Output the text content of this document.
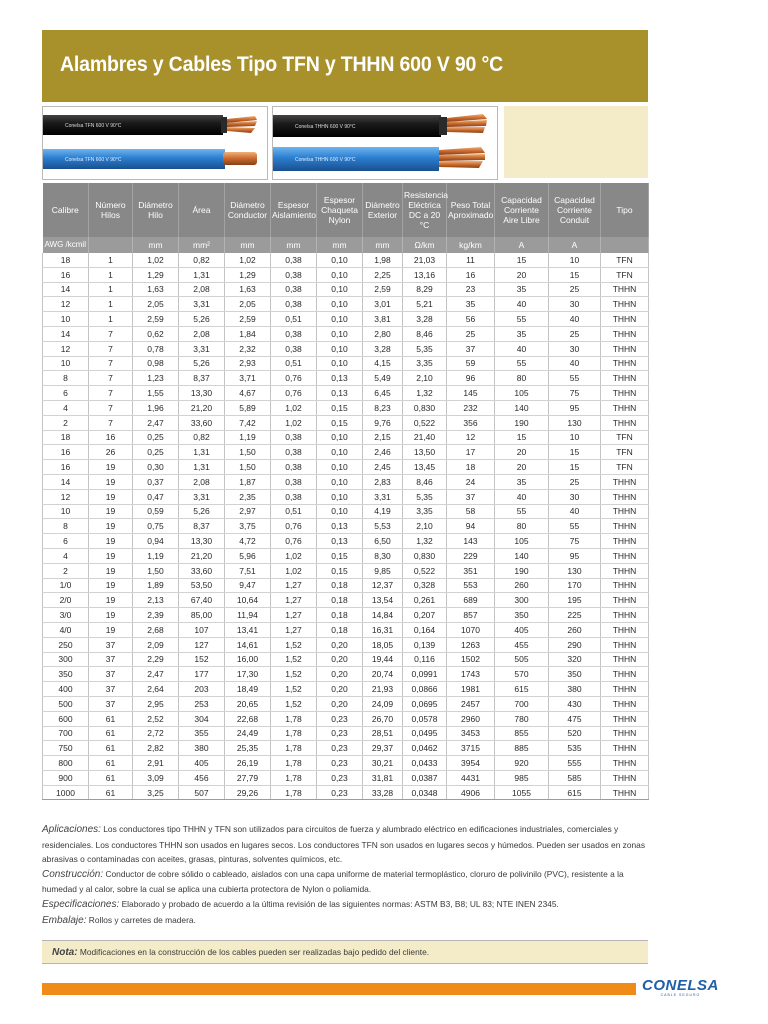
Alambres y Cables Tipo TFN y THHN 600 V 90 °C
Conelsa TFN 600 V 90°C
Conelsa TFN 600 V 90°C
Conelsa THHN 600 V 90°C
Conelsa THHN 600 V 90°C
Calibre	Número Hilos	Diámetro Hilo	Área	Diámetro Conductor	Espesor Aislamiento	Espesor Chaqueta Nylon	Diámetro Exterior	Resistencia Eléctrica DC a 20 °C	Peso Total Aproximado	Capacidad Corriente Aire Libre	Capacidad Corriente Conduit	Tipo
AWG /kcmil		mm	mm²	mm	mm	mm	mm	Ω/km	kg/km	A	A	
18	1	1,02	0,82	1,02	0,38	0,10	1,98	21,03	11	15	10	TFN
16	1	1,29	1,31	1,29	0,38	0,10	2,25	13,16	16	20	15	TFN
14	1	1,63	2,08	1,63	0,38	0,10	2,59	8,29	23	35	25	THHN
12	1	2,05	3,31	2,05	0,38	0,10	3,01	5,21	35	40	30	THHN
10	1	2,59	5,26	2,59	0,51	0,10	3,81	3,28	56	55	40	THHN
14	7	0,62	2,08	1,84	0,38	0,10	2,80	8,46	25	35	25	THHN
12	7	0,78	3,31	2,32	0,38	0,10	3,28	5,35	37	40	30	THHN
10	7	0,98	5,26	2,93	0,51	0,10	4,15	3,35	59	55	40	THHN
8	7	1,23	8,37	3,71	0,76	0,13	5,49	2,10	96	80	55	THHN
6	7	1,55	13,30	4,67	0,76	0,13	6,45	1,32	145	105	75	THHN
4	7	1,96	21,20	5,89	1,02	0,15	8,23	0,830	232	140	95	THHN
2	7	2,47	33,60	7,42	1,02	0,15	9,76	0,522	356	190	130	THHN
18	16	0,25	0,82	1,19	0,38	0,10	2,15	21,40	12	15	10	TFN
16	26	0,25	1,31	1,50	0,38	0,10	2,46	13,50	17	20	15	TFN
16	19	0,30	1,31	1,50	0,38	0,10	2,45	13,45	18	20	15	TFN
14	19	0,37	2,08	1,87	0,38	0,10	2,83	8,46	24	35	25	THHN
12	19	0,47	3,31	2,35	0,38	0,10	3,31	5,35	37	40	30	THHN
10	19	0,59	5,26	2,97	0,51	0,10	4,19	3,35	58	55	40	THHN
8	19	0,75	8,37	3,75	0,76	0,13	5,53	2,10	94	80	55	THHN
6	19	0,94	13,30	4,72	0,76	0,13	6,50	1,32	143	105	75	THHN
4	19	1,19	21,20	5,96	1,02	0,15	8,30	0,830	229	140	95	THHN
2	19	1,50	33,60	7,51	1,02	0,15	9,85	0,522	351	190	130	THHN
1/0	19	1,89	53,50	9,47	1,27	0,18	12,37	0,328	553	260	170	THHN
2/0	19	2,13	67,40	10,64	1,27	0,18	13,54	0,261	689	300	195	THHN
3/0	19	2,39	85,00	11,94	1,27	0,18	14,84	0,207	857	350	225	THHN
4/0	19	2,68	107	13,41	1,27	0,18	16,31	0,164	1070	405	260	THHN
250	37	2,09	127	14,61	1,52	0,20	18,05	0,139	1263	455	290	THHN
300	37	2,29	152	16,00	1,52	0,20	19,44	0,116	1502	505	320	THHN
350	37	2,47	177	17,30	1,52	0,20	20,74	0,0991	1743	570	350	THHN
400	37	2,64	203	18,49	1,52	0,20	21,93	0,0866	1981	615	380	THHN
500	37	2,95	253	20,65	1,52	0,20	24,09	0,0695	2457	700	430	THHN
600	61	2,52	304	22,68	1,78	0,23	26,70	0,0578	2960	780	475	THHN
700	61	2,72	355	24,49	1,78	0,23	28,51	0,0495	3453	855	520	THHN
750	61	2,82	380	25,35	1,78	0,23	29,37	0,0462	3715	885	535	THHN
800	61	2,91	405	26,19	1,78	0,23	30,21	0,0433	3954	920	555	THHN
900	61	3,09	456	27,79	1,78	0,23	31,81	0,0387	4431	985	585	THHN
1000	61	3,25	507	29,26	1,78	0,23	33,28	0,0348	4906	1055	615	THHN

Aplicaciones: Los conductores tipo THHN y TFN son utilizados para circuitos de fuerza y alumbrado eléctrico en edificaciones industriales, comerciales y residenciales. Los conductores THHN son usados en lugares secos. Los conductores TFN son usados en lugares secos y húmedos. Pueden ser usados en zonas abrasivas o contaminadas con aceites, grasas, pinturas, solventes químicos, etc.

Construcción: Conductor de cobre sólido o cableado, aislados con una capa uniforme de material termoplástico, cloruro de polivinilo (PVC), resistente a la humedad y al calor, sobre la cual se aplica una cubierta protectora de Nylon o poliamida.

Especificaciones: Elaborado y probado de acuerdo a la última revisión de las siguientes normas: ASTM B3, B8; UL 83; NTE INEN 2345.

Embalaje: Rollos y carretes de madera.

Nota: Modificaciones en la construcción de los cables pueden ser realizadas bajo pedido del cliente.
CONELSA
CABLE SEGURO
